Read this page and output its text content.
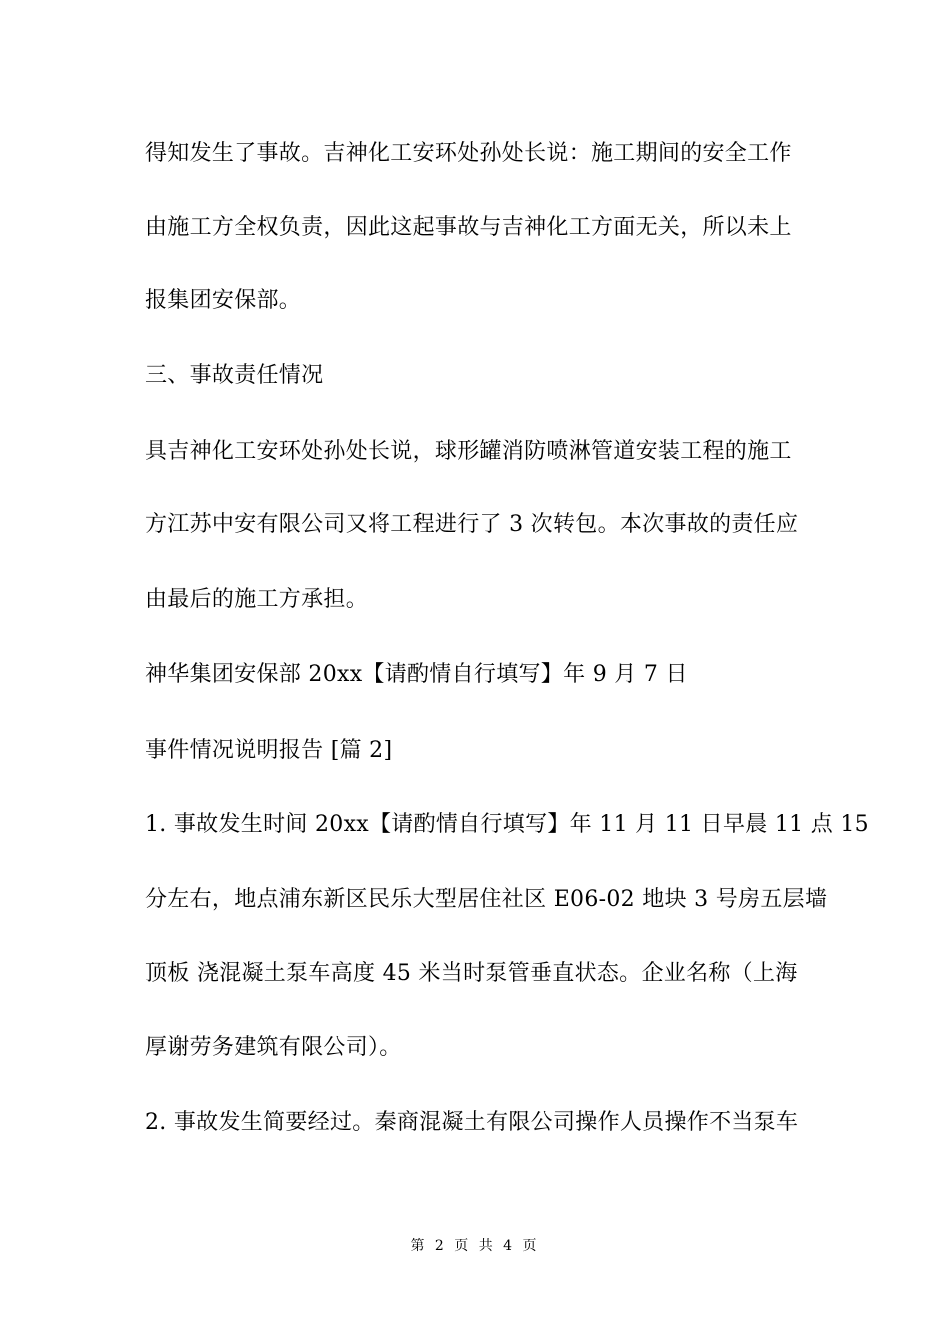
得知发生了事故。吉神化工安环处孙处长说：施工期间的安全工作
由施工方全权负责，因此这起事故与吉神化工方面无关，所以未上
报集团安保部。
三、事故责任情况
具吉神化工安环处孙处长说，球形罐消防喷淋管道安装工程的施工
方江苏中安有限公司又将工程进行了 3 次转包。本次事故的责任应
由最后的施工方承担。
神华集团安保部 20xx【请酌情自行填写】年 9 月 7 日
事件情况说明报告 [篇 2]
1. 事故发生时间 20xx【请酌情自行填写】年 11 月 11 日早晨 11 点 15
分左右，地点浦东新区民乐大型居住社区 E06-02 地块 3 号房五层墙
顶板 浇混凝土泵车高度 45 米当时泵管垂直状态。企业名称（上海
厚谢劳务建筑有限公司）。
2. 事故发生简要经过。秦商混凝土有限公司操作人员操作不当泵车
第 2 页 共 4 页
